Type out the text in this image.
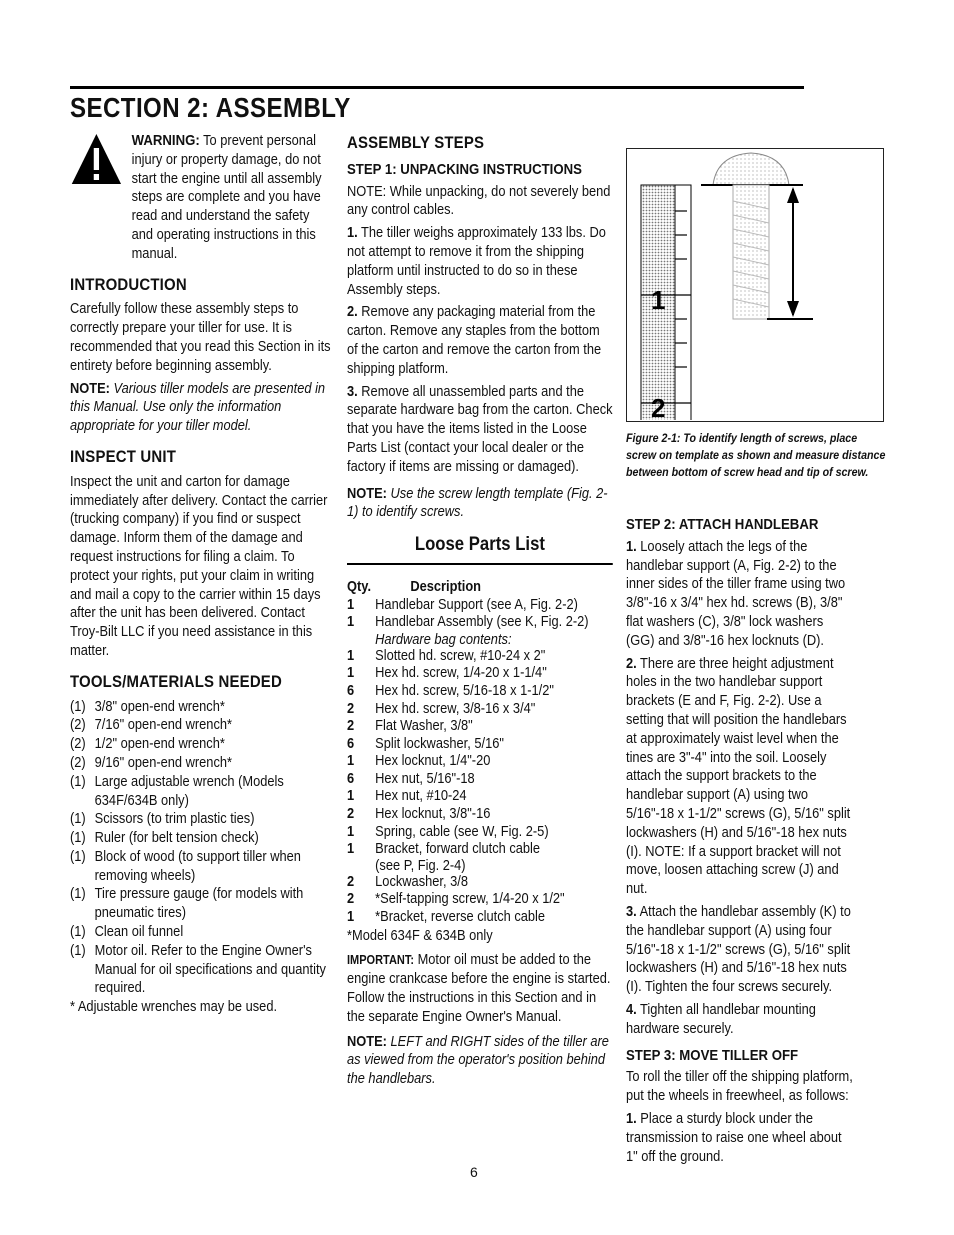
SECTION 2: ASSEMBLY
WARNING: To prevent personal injury or property damage, do not start the engine until all assembly steps are complete and you have read and understand the safety and operating instructions in this manual.
INTRODUCTION

Carefully follow these assembly steps to correctly prepare your tiller for use. It is recommended that you read this Section in its entirety before beginning assembly.

NOTE: Various tiller models are presented in this Manual. Use only the information appropriate for your tiller model.

INSPECT UNIT

Inspect the unit and carton for damage immediately after delivery. Contact the carrier (trucking company) if you find or suspect damage. Inform them of the damage and request instructions for filing a claim. To protect your rights, put your claim in writing and mail a copy to the carrier within 15 days after the unit has been delivered. Contact Troy-Bilt LLC if you need assistance in this matter.

TOOLS/MATERIALS NEEDED
(1) 3/8" open-end wrench*
(2) 7/16" open-end wrench*
(2) 1/2" open-end wrench*
(2) 9/16" open-end wrench*
(1) Large adjustable wrench (Models 634F/634B only)
(1) Scissors (to trim plastic ties)
(1) Ruler (for belt tension check)
(1) Block of wood (to support tiller when removing wheels)
(1) Tire pressure gauge (for models with pneumatic tires)
(1) Clean oil funnel
(1) Motor oil. Refer to the Engine Owner's Manual for oil specifications and quantity required.

* Adjustable wrenches may be used.

ASSEMBLY STEPS
STEP 1: UNPACKING INSTRUCTIONS

NOTE: While unpacking, do not severely bend any control cables.

1. The tiller weighs approximately 133 lbs. Do not attempt to remove it from the shipping platform until instructed to do so in these Assembly steps.

2. Remove any packaging material from the carton. Remove any staples from the bottom of the carton and remove the carton from the shipping platform.

3. Remove all unassembled parts and the separate hardware bag from the carton. Check that you have the items listed in the Loose Parts List (contact your local dealer or the factory if items are missing or damaged).

NOTE: Use the screw length template (Fig. 2-1) to identify screws.

Loose Parts List
Qty.	Description
1	Handlebar Support (see A, Fig. 2-2)
1	Handlebar Assembly (see K, Fig. 2-2)
Hardware bag contents:
1	Slotted hd. screw, #10-24 x 2"
1	Hex hd. screw, 1/4-20 x 1-1/4"
6	Hex hd. screw, 5/16-18 x 1-1/2"
2	Hex hd. screw, 3/8-16 x 3/4"
2	Flat Washer, 3/8"
6	Split lockwasher, 5/16"
1	Hex locknut, 1/4"-20
6	Hex nut, 5/16"-18
1	Hex nut, #10-24
2	Hex locknut, 3/8"-16
1	Spring, cable (see W, Fig. 2-5)
1	Bracket, forward clutch cable
(see P, Fig. 2-4)
2	Lockwasher, 3/8
2	*Self-tapping screw, 1/4-20 x 1/2"
1	*Bracket, reverse clutch cable
*Model 634F & 634B only

IMPORTANT: Motor oil must be added to the engine crankcase before the engine is started. Follow the instructions in this Section and in the separate Engine Owner's Manual.

NOTE: LEFT and RIGHT sides of the tiller are as viewed from the operator's position behind the handlebars.

1
2
Figure 2-1: To identify length of screws, place screw on template as shown and measure distance between bottom of screw head and tip of screw.
STEP 2: ATTACH HANDLEBAR

1. Loosely attach the legs of the handlebar support (A, Fig. 2-2) to the inner sides of the tiller frame using two 3/8"-16 x 3/4" hex hd. screws (B), 3/8" flat washers (C), 3/8" lock washers (GG) and 3/8"-16 hex locknuts (D).

2. There are three height adjustment holes in the two handlebar support brackets (E and F, Fig. 2-2). Use a setting that will position the handlebars at approximately waist level when the tines are 3"-4" into the soil. Loosely attach the support brackets to the handlebar support (A) using two 5/16"-18 x 1-1/2" screws (G), 5/16" split lockwashers (H) and 5/16"-18 hex nuts (I). NOTE: If a support bracket will not move, loosen attaching screw (J) and nut.

3. Attach the handlebar assembly (K) to the handlebar support (A) using four 5/16"-18 x 1-1/2" screws (G), 5/16" split lockwashers (H) and 5/16"-18 hex nuts (I). Tighten the four screws securely.

4. Tighten all handlebar mounting hardware securely.

STEP 3: MOVE TILLER OFF

To roll the tiller off the shipping platform, put the wheels in freewheel, as follows:

1. Place a sturdy block under the transmission to raise one wheel about 1" off the ground.

6
